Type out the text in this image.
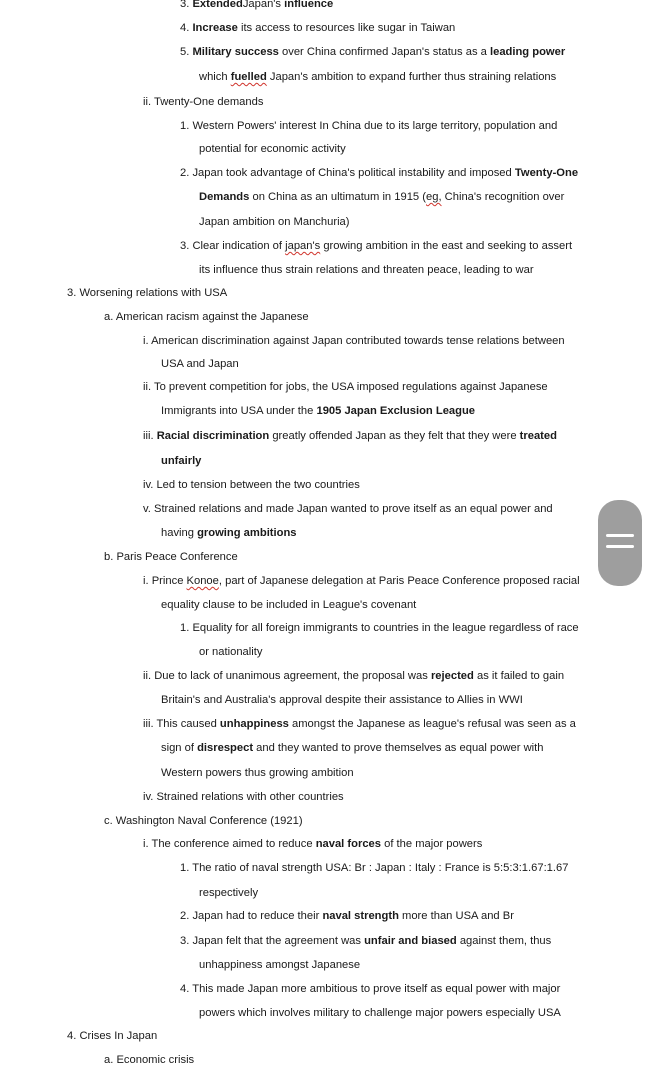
3. ExtendedJapan's influence
4. Increase its access to resources like sugar in Taiwan
5. Military success over China confirmed Japan's status as a leading power
which fuelled Japan's ambition to expand further thus straining relations
ii. Twenty-One demands
1. Western Powers' interest In China due to its large territory, population and
potential for economic activity
2. Japan took advantage of China's political instability and imposed Twenty-One
Demands on China as an ultimatum in 1915 (eg, China's recognition over
Japan ambition on Manchuria)
3. Clear indication of japan's growing ambition in the east and seeking to assert
its influence thus strain relations and threaten peace, leading to war
3. Worsening relations with USA
a. American racism against the Japanese
i. American discrimination against Japan contributed towards tense relations between
USA and Japan
ii. To prevent competition for jobs, the USA imposed regulations against Japanese
Immigrants into USA under the 1905 Japan Exclusion League
iii. Racial discrimination greatly offended Japan as they felt that they were treated
unfairly
iv. Led to tension between the two countries
v. Strained relations and made Japan wanted to prove itself as an equal power and
having growing ambitions
b. Paris Peace Conference
i. Prince Konoe, part of Japanese delegation at Paris Peace Conference proposed racial
equality clause to be included in League's covenant
1. Equality for all foreign immigrants to countries in the league regardless of race
or nationality
ii. Due to lack of unanimous agreement, the proposal was rejected as it failed to gain
Britain's and Australia's approval despite their assistance to Allies in WWI
iii. This caused unhappiness amongst the Japanese as league's refusal was seen as a
sign of disrespect and they wanted to prove themselves as equal power with
Western powers thus growing ambition
iv. Strained relations with other countries
c. Washington Naval Conference (1921)
i. The conference aimed to reduce naval forces of the major powers
1. The ratio of naval strength USA: Br : Japan : Italy : France is 5:5:3:1.67:1.67
respectively
2. Japan had to reduce their naval strength more than USA and Br
3. Japan felt that the agreement was unfair and biased against them, thus
unhappiness amongst Japanese
4. This made Japan more ambitious to prove itself as equal power with major
powers which involves military to challenge major powers especially USA
4. Crises In Japan
a. Economic crisis
